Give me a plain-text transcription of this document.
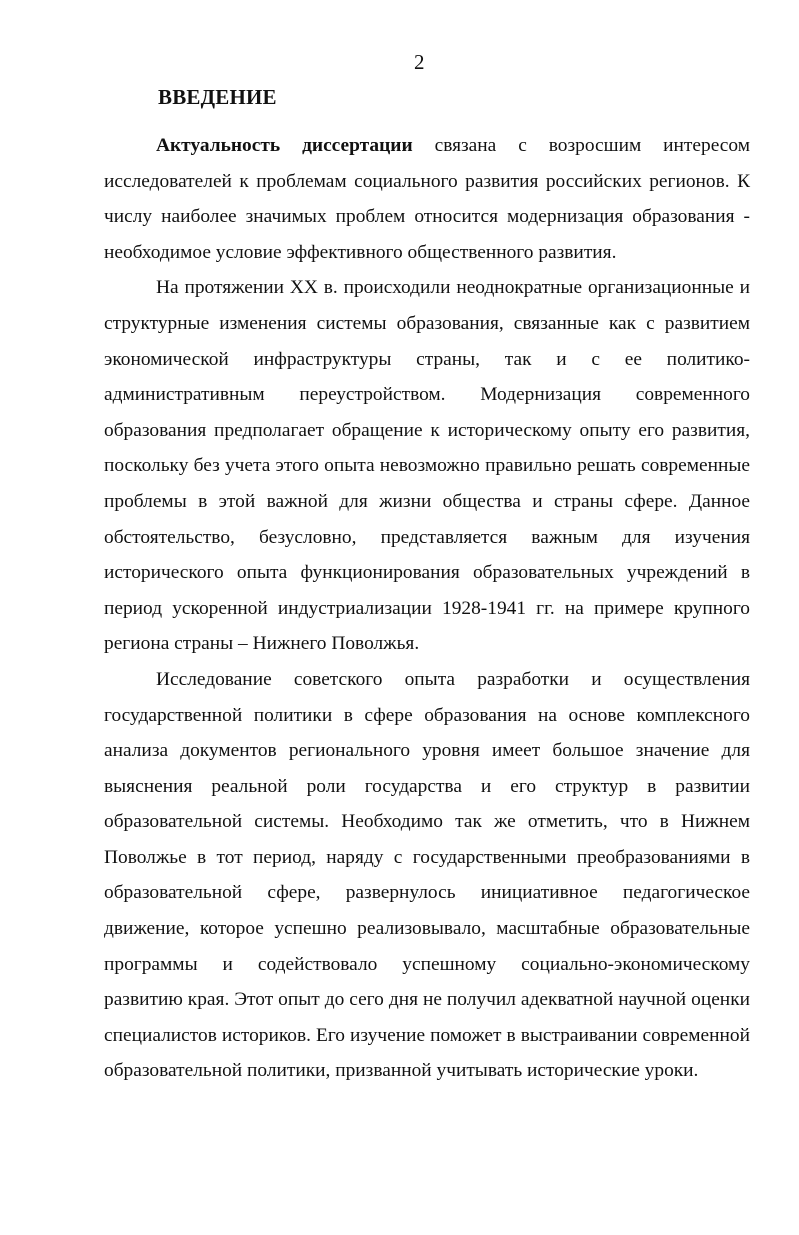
2
ВВЕДЕНИЕ

Актуальность диссертации связана с возросшим интересом исследователей к проблемам социального развития российских регионов. К числу наиболее значимых проблем относится модернизация образования - необходимое условие эффективного общественного развития.

На протяжении XX в. происходили неоднократные организационные и структурные изменения системы образования, связанные как с развитием экономической инфраструктуры страны, так и с ее политико-административным переустройством. Модернизация современного образования предполагает обращение к историческому опыту его развития, поскольку без учета этого опыта невозможно правильно решать современные проблемы в этой важной для жизни общества и страны сфере. Данное обстоятельство, безусловно, представляется важным для изучения исторического опыта функционирования образовательных учреждений в период ускоренной индустриализации 1928-1941 гг. на примере крупного региона страны – Нижнего Поволжья.

Исследование советского опыта разработки и осуществления государственной политики в сфере образования на основе комплексного анализа документов регионального уровня имеет большое значение для выяснения реальной роли государства и его структур в развитии образовательной системы. Необходимо так же отметить, что в Нижнем Поволжье в тот период, наряду с государственными преобразованиями в образовательной сфере, развернулось инициативное педагогическое движение, которое успешно реализовывало, масштабные образовательные программы и содействовало успешному социально-экономическому развитию края. Этот опыт до сего дня не получил адекватной научной оценки специалистов историков. Его изучение поможет в выстраивании современной образовательной политики, призванной учитывать исторические уроки.
